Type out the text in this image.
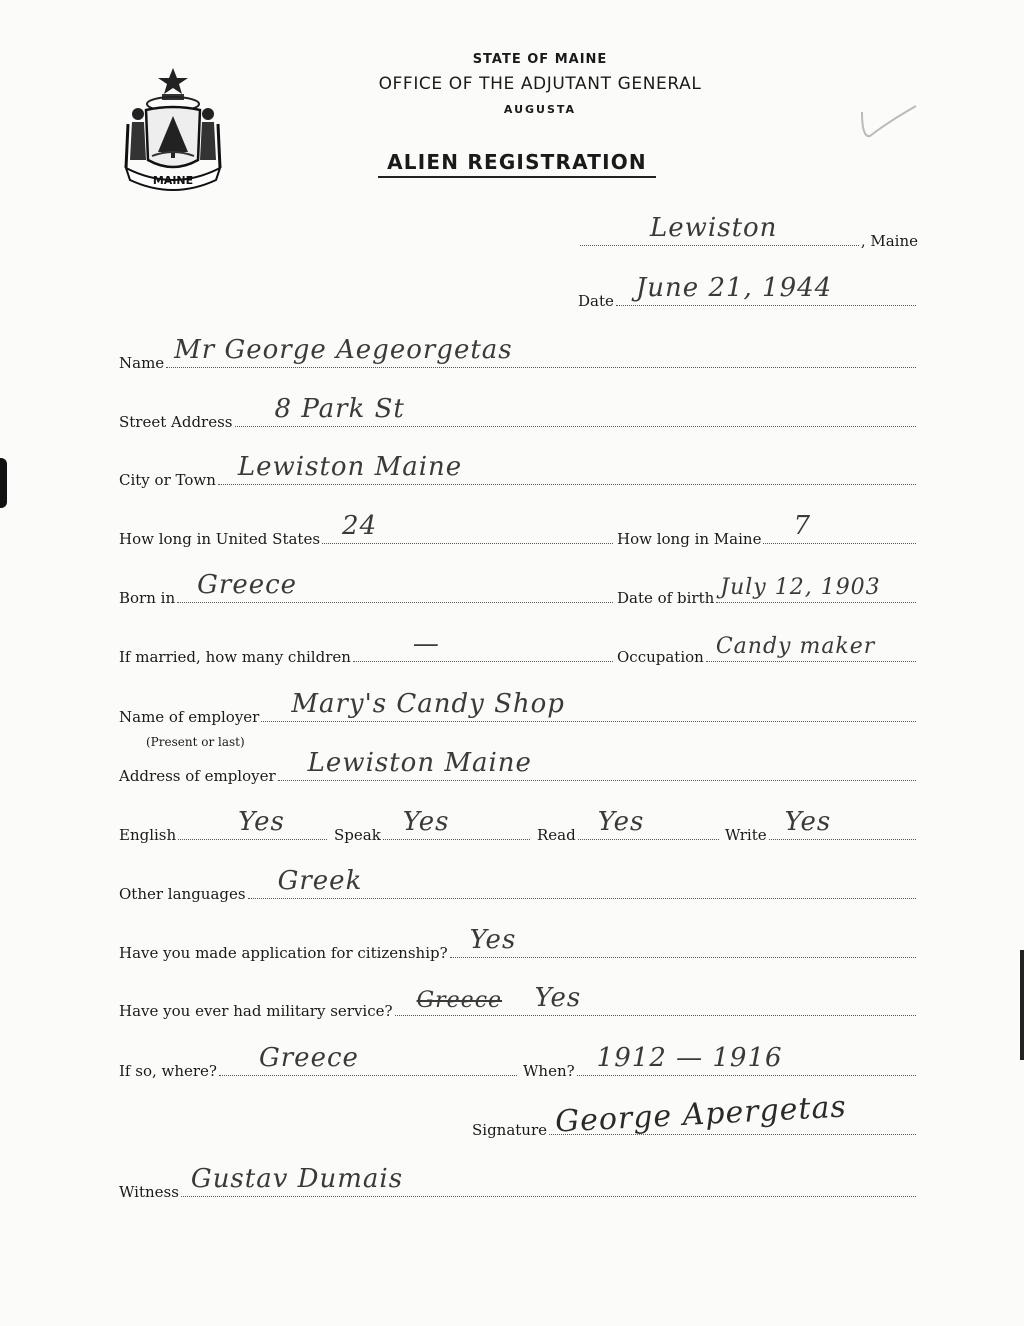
MAINE
STATE OF MAINE
OFFICE OF THE ADJUTANT GENERAL
AUGUSTA
ALIEN REGISTRATION
Lewiston	, Maine
Date June 21, 1944
Name Mr George Aegeorgetas
Street Address 8 Park St
City or Town Lewiston Maine
How long in United States 24	How long in Maine 7
Born in Greece	Date of birth July 12, 1903
If married, how many children —	Occupation Candy maker
Name of employer Mary's Candy Shop
(Present or last)
Address of employer Lewiston Maine
English Yes	Speak Yes	Read Yes	Write Yes
Other languages Greek
Have you made application for citizenship? Yes
Have you ever had military service? Greece Yes
If so, where? Greece	When? 1912 — 1916
Signature George Apergetas
Witness Gustav Dumais
